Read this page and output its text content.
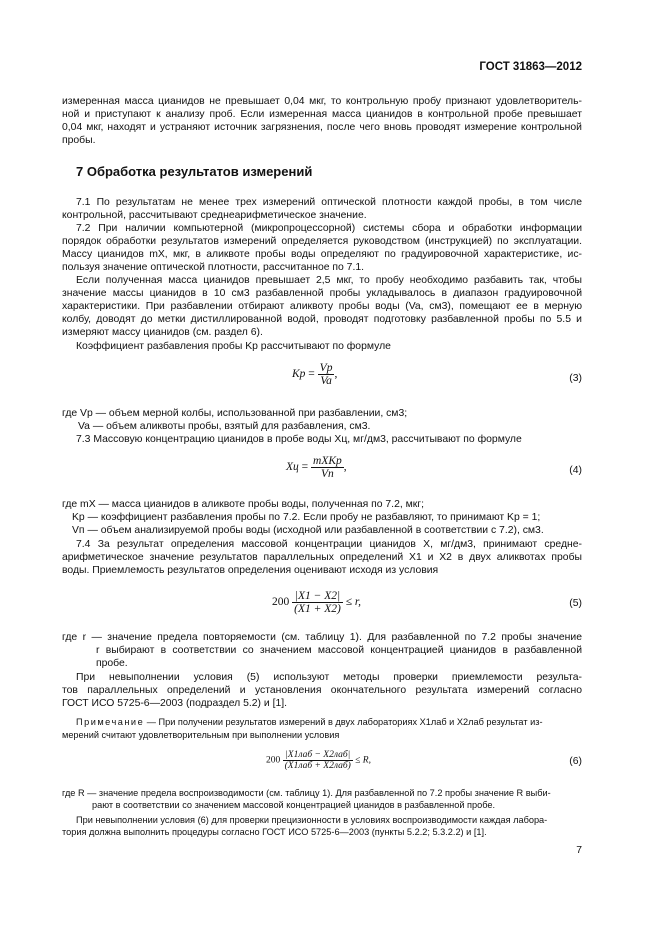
ГОСТ 31863—2012
измеренная масса цианидов не превышает 0,04 мкг, то контрольную пробу признают удовлетворитель-
ной и приступают к анализу проб. Если измеренная масса цианидов в контрольной пробе превышает
0,04 мкг, находят и устраняют источник загрязнения, после чего вновь проводят измерение контрольной
пробы.
7 Обработка результатов измерений
7.1 По результатам не менее трех измерений оптической плотности каждой пробы, в том числе
контрольной, рассчитывают среднеарифметическое значение.
7.2 При наличии компьютерной (микропроцессорной) системы сбора и обработки информации
порядок обработки результатов измерений определяется руководством (инструкцией) по эксплуатации.
Массу цианидов mX, мкг, в аликвоте пробы воды определяют по градуировочной характеристике, ис-
пользуя значение оптической плотности, рассчитанное по 7.1.
Если полученная масса цианидов превышает 2,5 мкг, то пробу необходимо разбавить так, чтобы
значение массы цианидов в 10 см3 разбавленной пробы укладывалось в диапазон градуировочной
характеристики. При разбавлении отбирают аликвоту пробы воды (Va, см3), помещают ее в мерную
колбу, доводят до метки дистиллированной водой, проводят подготовку разбавленной пробы по 5.5 и
измеряют массу цианидов (см. раздел 6).
Коэффициент разбавления пробы Kp рассчитывают по формуле
$Kp = \frac{Vp}{Va}$ ,	(3)
где Vp — объем мерной колбы, использованной при разбавлении, см3;
Va — объем аликвоты пробы, взятый для разбавления, см3.
7.3 Массовую концентрацию цианидов в пробе воды Xц, мг/дм3, рассчитывают по формуле
Xц = $\frac{\text{mXKp}}{Vп}$ ,	(4)
где mX — масса цианидов в аликвоте пробы воды, полученная по 7.2, мкг;
Kp — коэффициент разбавления пробы по 7.2. Если пробу не разбавляют, то принимают Kp = 1;
Vп — объем анализируемой пробы воды (исходной или разбавленной в соответствии с 7.2), см3.
7.4 За результат определения массовой концентрации цианидов X, мг/дм3, принимают средне-
арифметическое значение результатов параллельных определений X1 и X2 в двух аликвотах пробы
воды. Приемлемость результатов определения оценивают исходя из условия
$200 \frac{|X1 - X2|}{(X1 + X2)} \le r$,	(5)
где r — значение предела повторяемости (см. таблицу 1). Для разбавленной по 7.2 пробы значение
r выбирают в соответствии со значением массовой концентрацией цианидов в разбавленной
пробе.
При невыполнении условия (5) используют методы проверки приемлемости результа-
тов параллельных определений и установления окончательного результата измерений согласно
ГОСТ ИСО 5725-6—2003 (подраздел 5.2) и [1].
Примечание — При получении результатов измерений в двух лабораториях X1лаб и X2лаб результат из-
мерений считают удовлетворительным при выполнении условия
$200 \frac{\text{|X1лаб − X2лаб|}}{\text{(X1лаб + X2лаб)}} \le R$,	(6)
где R — значение предела воспроизводимости (см. таблицу 1). Для разбавленной по 7.2 пробы значение R выби-
рают в соответствии со значением массовой концентрацией цианидов в разбавленной пробе.
При невыполнении условия (6) для проверки прецизионности в условиях воспроизводимости каждая лабора-
тория должна выполнить процедуры согласно ГОСТ ИСО 5725-6—2003 (пункты 5.2.2; 5.3.2.2) и [1].
7
